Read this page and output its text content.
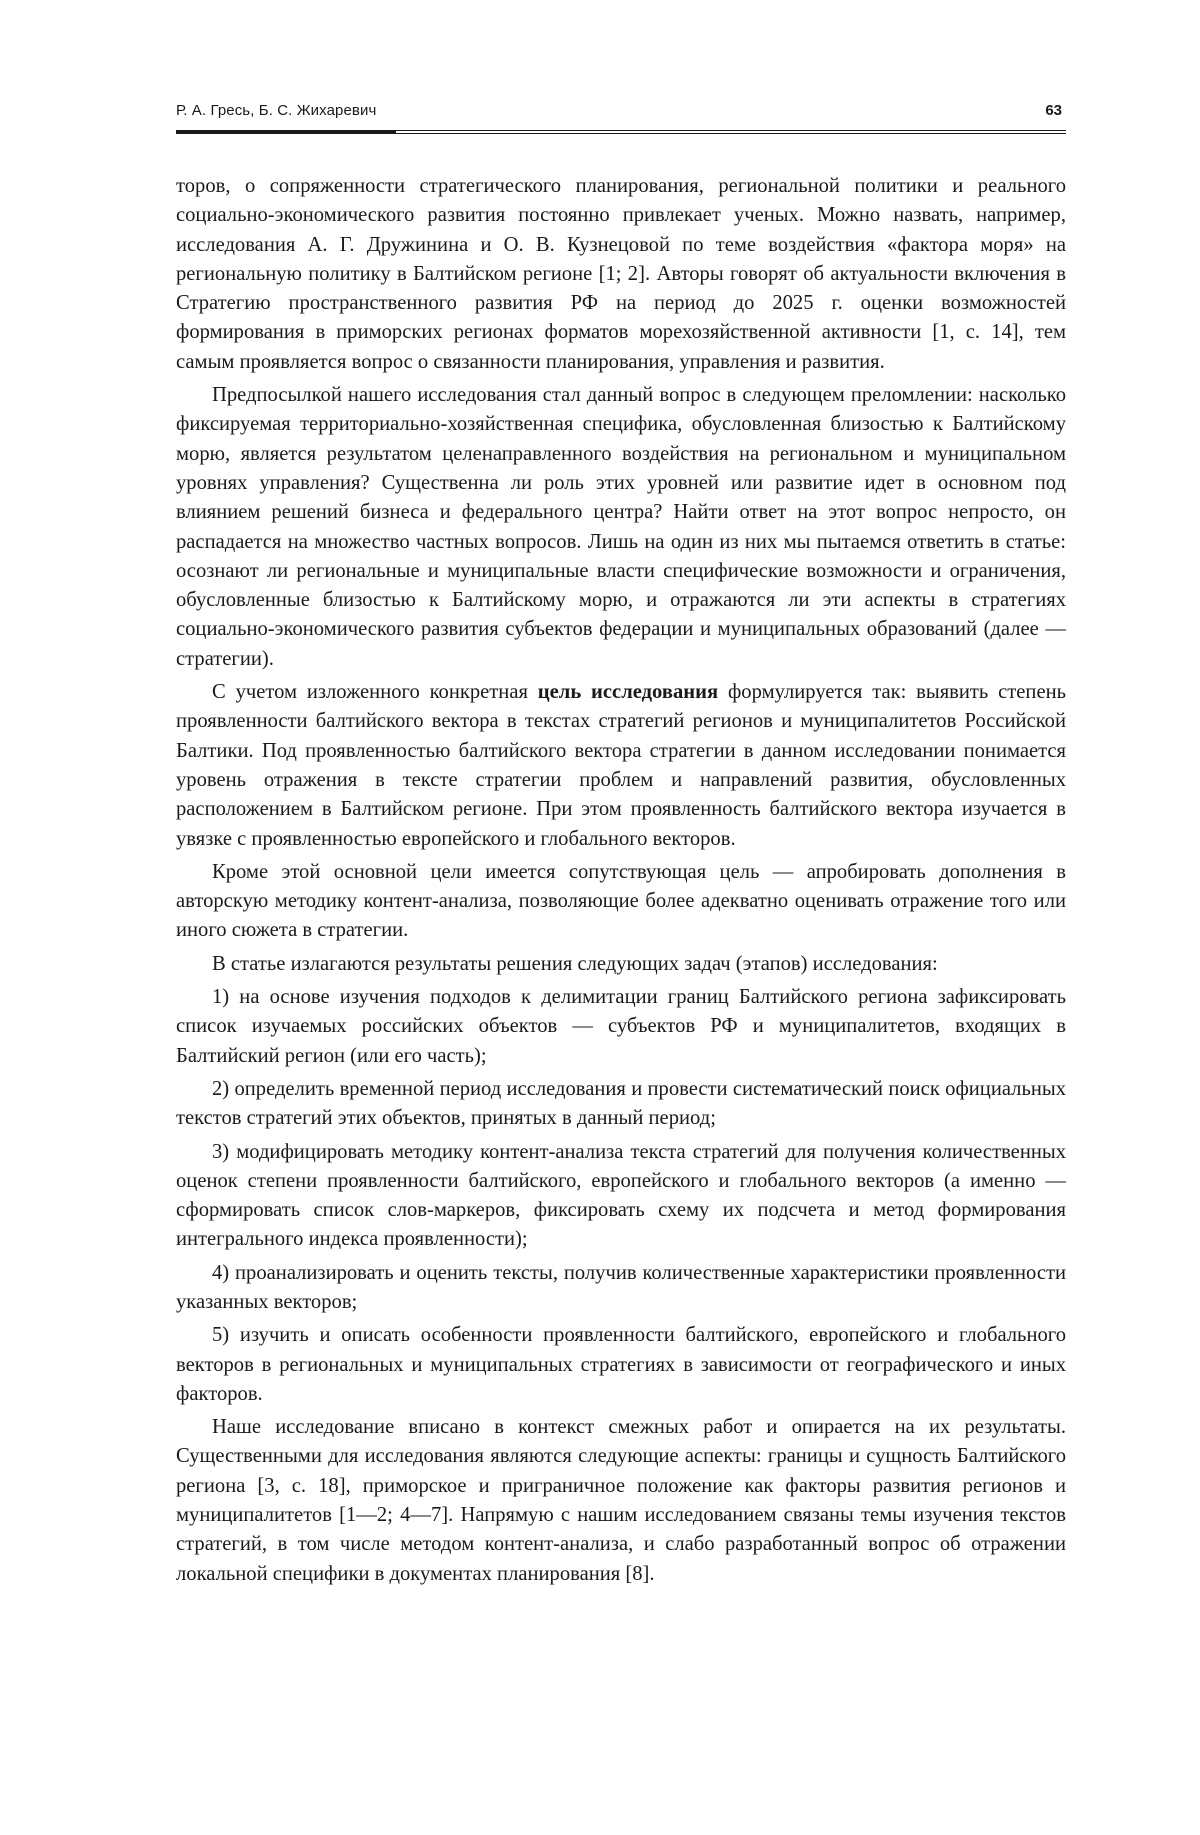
Р. А. Гресь, Б. С. Жихаревич	63

торов, о сопряженности стратегического планирования, региональной политики и реального социально-экономического развития постоянно привлекает ученых. Можно назвать, например, исследования А. Г. Дружинина и О. В. Кузнецовой по теме воздействия «фактора моря» на региональную политику в Балтийском регионе [1; 2]. Авторы говорят об актуальности включения в Стратегию пространственного развития РФ на период до 2025 г. оценки возможностей формирования в приморских регионах форматов морехозяйственной активности [1, с. 14], тем самым проявляется вопрос о связанности планирования, управления и развития.

Предпосылкой нашего исследования стал данный вопрос в следующем преломлении: насколько фиксируемая территориально-хозяйственная специфика, обусловленная близостью к Балтийскому морю, является результатом целенаправленного воздействия на региональном и муниципальном уровнях управления? Существенна ли роль этих уровней или развитие идет в основном под влиянием решений бизнеса и федерального центра? Найти ответ на этот вопрос непросто, он распадается на множество частных вопросов. Лишь на один из них мы пытаемся ответить в статье: осознают ли региональные и муниципальные власти специфические возможности и ограничения, обусловленные близостью к Балтийскому морю, и отражаются ли эти аспекты в стратегиях социально-экономического развития субъектов федерации и муниципальных образований (далее — стратегии).

С учетом изложенного конкретная цель исследования формулируется так: выявить степень проявленности балтийского вектора в текстах стратегий регионов и муниципалитетов Российской Балтики. Под проявленностью балтийского вектора стратегии в данном исследовании понимается уровень отражения в тексте стратегии проблем и направлений развития, обусловленных расположением в Балтийском регионе. При этом проявленность балтийского вектора изучается в увязке с проявленностью европейского и глобального векторов.

Кроме этой основной цели имеется сопутствующая цель — апробировать дополнения в авторскую методику контент-анализа, позволяющие более адекватно оценивать отражение того или иного сюжета в стратегии.

В статье излагаются результаты решения следующих задач (этапов) исследования:

1) на основе изучения подходов к делимитации границ Балтийского региона зафиксировать список изучаемых российских объектов — субъектов РФ и муниципалитетов, входящих в Балтийский регион (или его часть);

2) определить временной период исследования и провести систематический поиск официальных текстов стратегий этих объектов, принятых в данный период;

3) модифицировать методику контент-анализа текста стратегий для получения количественных оценок степени проявленности балтийского, европейского и глобального векторов (а именно — сформировать список слов-маркеров, фиксировать схему их подсчета и метод формирования интегрального индекса проявленности);

4) проанализировать и оценить тексты, получив количественные характеристики проявленности указанных векторов;

5) изучить и описать особенности проявленности балтийского, европейского и глобального векторов в региональных и муниципальных стратегиях в зависимости от географического и иных факторов.

Наше исследование вписано в контекст смежных работ и опирается на их результаты. Существенными для исследования являются следующие аспекты: границы и сущность Балтийского региона [3, с. 18], приморское и приграничное положение как факторы развития регионов и муниципалитетов [1—2; 4—7]. Напрямую с нашим исследованием связаны темы изучения текстов стратегий, в том числе методом контент-анализа, и слабо разработанный вопрос об отражении локальной специфики в документах планирования [8].
